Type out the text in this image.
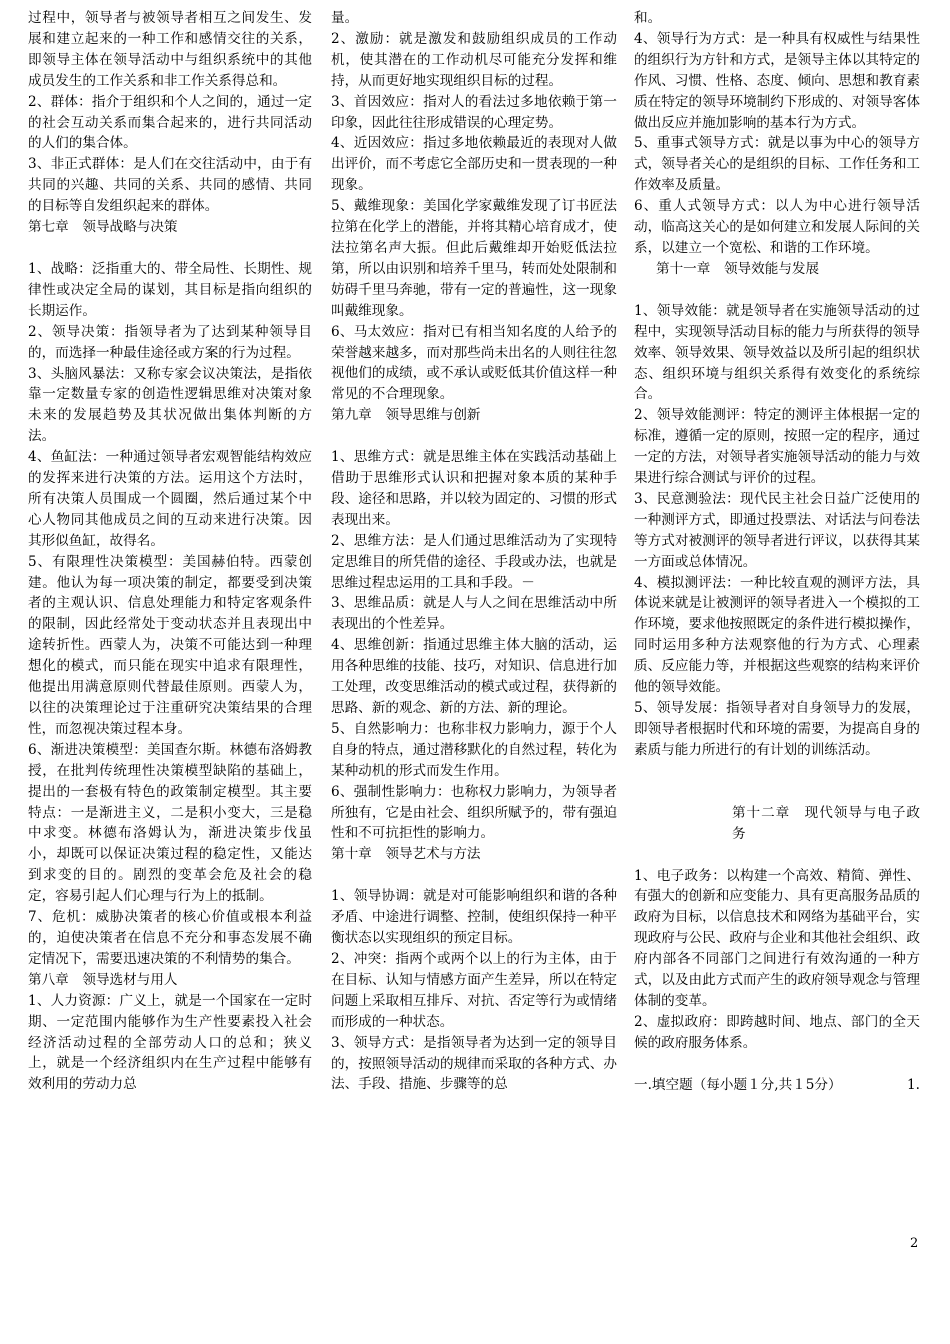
过程中，领导者与被领导者相互之间发生、发展和建立起来的一种工作和感情交往的关系，即领导主体在领导活动中与组织系统中的其他成员发生的工作关系和非工作关系得总和。

2、群体：指介于组织和个人之间的，通过一定的社会互动关系而集合起来的，进行共同活动的人们的集合体。

3、非正式群体：是人们在交往活动中，由于有共同的兴趣、共同的关系、共同的感情、共同的目标等自发组织起来的群体。

第七章　领导战略与决策

1、战略：泛指重大的、带全局性、长期性、规律性或决定全局的谋划，其目标是指向组织的长期运作。

2、领导决策：指领导者为了达到某种领导目的，而选择一种最佳途径或方案的行为过程。

3、头脑风暴法：又称专家会议决策法，是指依靠一定数量专家的创造性逻辑思维对决策对象未来的发展趋势及其状况做出集体判断的方法。

4、鱼缸法：一种通过领导者宏观智能结构效应的发挥来进行决策的方法。运用这个方法时，所有决策人员围成一个圆圈，然后通过某个中心人物同其他成员之间的互动来进行决策。因其形似鱼缸，故得名。

5、有限理性决策模型：美国赫伯特。西蒙创建。他认为每一项决策的制定，都要受到决策者的主观认识、信息处理能力和特定客观条件的限制，因此经常处于变动状态并且表现出中途转折性。西蒙人为，决策不可能达到一种理想化的模式，而只能在现实中追求有限理性，他提出用满意原则代替最佳原则。西蒙人为，以往的决策理论过于注重研究决策结果的合理性，而忽视决策过程本身。

6、渐进决策模型：美国查尔斯。林德布洛姆教授，在批判传统理性决策模型缺陷的基础上，提出的一套极有特色的政策制定模型。其主要特点：一是渐进主义，二是积小变大，三是稳中求变。林德布洛姆认为，渐进决策步伐虽小，却既可以保证决策过程的稳定性，又能达到求变的目的。剧烈的变革会危及社会的稳定，容易引起人们心理与行为上的抵制。

7、危机：威胁决策者的核心价值或根本利益的，迫使决策者在信息不充分和事态发展不确定情况下，需要迅速决策的不利情势的集合。

第八章　领导选材与用人

1、人力资源：广义上，就是一个国家在一定时期、一定范围内能够作为生产性要素投入社会经济活动过程的全部劳动人口的总和；狭义上，就是一个经济组织内在生产过程中能够有效利用的劳动力总

量。

2、激励：就是激发和鼓励组织成员的工作动机，使其潜在的工作动机尽可能充分发挥和维持，从而更好地实现组织目标的过程。

3、首因效应：指对人的看法过多地依赖于第一印象，因此往往形成错误的心理定势。

4、近因效应：指过多地依赖最近的表现对人做出评价，而不考虑它全部历史和一贯表现的一种现象。

5、戴维现象：美国化学家戴维发现了订书匠法拉第在化学上的潜能，并将其精心培育成才，使法拉第名声大振。但此后戴维却开始贬低法拉第，所以由识别和培养千里马，转而处处限制和妨碍千里马奔驰，带有一定的普遍性，这一现象叫戴维现象。

6、马太效应：指对已有相当知名度的人给予的荣誉越来越多，而对那些尚未出名的人则往往忽视他们的成绩，或不承认或贬低其价值这样一种常见的不合理现象。

第九章　领导思维与创新

1、思维方式：就是思维主体在实践活动基础上借助于思维形式认识和把握对象本质的某种手段、途径和思路，并以较为固定的、习惯的形式表现出来。

2、思维方法：是人们通过思维活动为了实现特定思维目的所凭借的途径、手段或办法，也就是思维过程忠运用的工具和手段。－

3、思维品质：就是人与人之间在思维活动中所表现出的个性差异。

4、思维创新：指通过思维主体大脑的活动，运用各种思维的技能、技巧，对知识、信息进行加工处理，改变思维活动的模式或过程，获得新的思路、新的观念、新的方法、新的理论。

5、自然影响力：也称非权力影响力，源于个人自身的特点，通过潜移默化的自然过程，转化为某种动机的形式而发生作用。

6、强制性影响力：也称权力影响力，为领导者所独有，它是由社会、组织所赋予的，带有强迫性和不可抗拒性的影响力。

第十章　领导艺术与方法

1、领导协调：就是对可能影响组织和谐的各种矛盾、中途进行调整、控制，使组织保持一种平衡状态以实现组织的预定目标。

2、冲突：指两个或两个以上的行为主体，由于在目标、认知与情感方面产生差异，所以在特定问题上采取相互排斥、对抗、否定等行为或情绪而形成的一种状态。

3、领导方式：是指领导者为达到一定的领导目的，按照领导活动的规律而采取的各种方式、办法、手段、措施、步骤等的总

和。

4、领导行为方式：是一种具有权威性与结果性的组织行为方针和方式，是领导主体以其特定的作风、习惯、性格、态度、倾向、思想和教育素质在特定的领导环境制约下形成的、对领导客体做出反应并施加影响的基本行为方式。

5、重事式领导方式：就是以事为中心的领导方式，领导者关心的是组织的目标、工作任务和工作效率及质量。

6、重人式领导方式：以人为中心进行领导活动，临高这关心的是如何建立和发展人际间的关系，以建立一个宽松、和谐的工作环境。

第十一章　领导效能与发展

1、领导效能：就是领导者在实施领导活动的过程中，实现领导活动目标的能力与所获得的领导效率、领导效果、领导效益以及所引起的组织状态、组织环境与组织关系得有效变化的系统综合。

2、领导效能测评：特定的测评主体根据一定的标准，遵循一定的原则，按照一定的程序，通过一定的方法，对领导者实施领导活动的能力与效果进行综合测试与评价的过程。

3、民意测验法：现代民主社会日益广泛使用的一种测评方式，即通过投票法、对话法与问卷法等方式对被测评的领导者进行评议，以获得其某一方面或总体情况。

4、模拟测评法：一种比较直观的测评方法，具体说来就是让被测评的领导者进入一个模拟的工作环境，要求他按照既定的条件进行模拟操作，同时运用多种方法观察他的行为方式、心理素质、反应能力等，并根据这些观察的结构来评价他的领导效能。

5、领导发展：指领导者对自身领导力的发展，即领导者根据时代和环境的需要，为提高自身的素质与能力所进行的有计划的训练活动。

第十二章　现代领导与电子政务

1、电子政务：以构建一个高效、精简、弹性、有强大的创新和应变能力、具有更高服务品质的政府为目标，以信息技术和网络为基础平台，实现政府与公民、政府与企业和其他社会组织、政府内部各不同部门之间进行有效沟通的一种方式，以及由此方式而产生的政府领导观念与管理体制的变革。

2、虚拟政府：即跨越时间、地点、部门的全天候的政府服务体系。

一.填空题（每小题１分,共１5分）	1.
2
